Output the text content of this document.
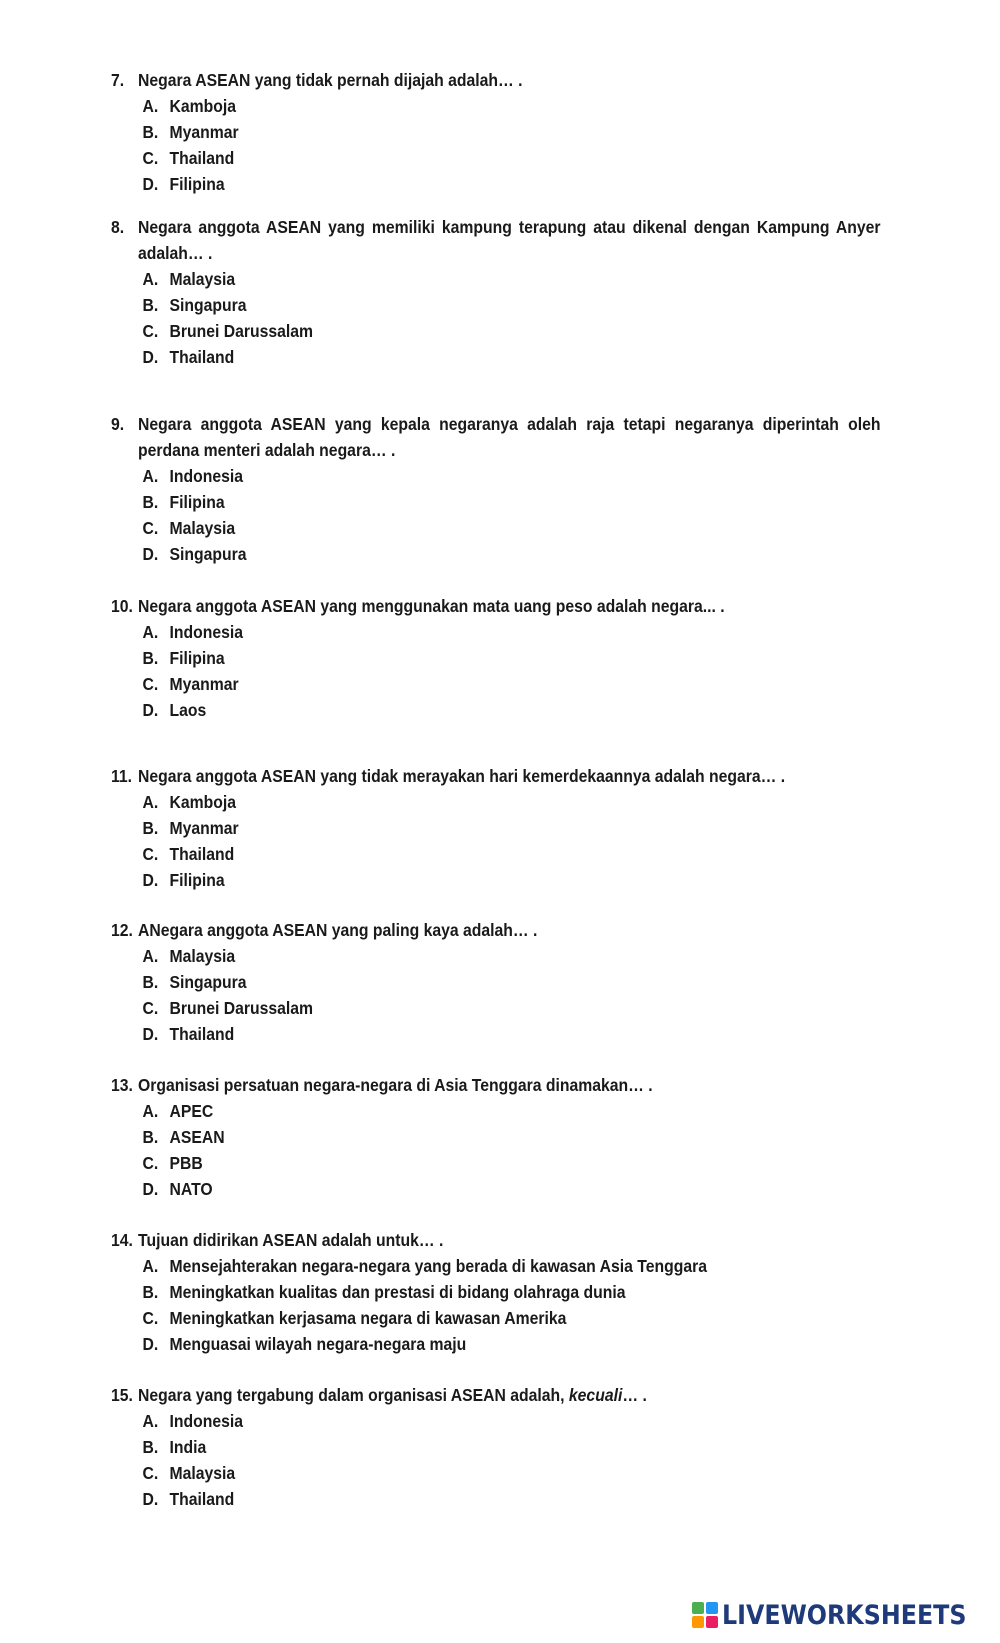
7. Negara ASEAN yang tidak pernah dijajah adalah… .
A. Kamboja
B. Myanmar
C. Thailand
D. Filipina
8. Negara anggota ASEAN yang memiliki kampung terapung atau dikenal dengan Kampung Anyer adalah… .
A. Malaysia
B. Singapura
C. Brunei Darussalam
D. Thailand
9. Negara anggota ASEAN yang kepala negaranya adalah raja tetapi negaranya diperintah oleh perdana menteri adalah negara… .
A. Indonesia
B. Filipina
C. Malaysia
D. Singapura
10. Negara anggota ASEAN yang menggunakan mata uang peso adalah negara... .
A. Indonesia
B. Filipina
C. Myanmar
D. Laos
11. Negara anggota ASEAN yang tidak merayakan hari kemerdekaannya adalah negara… .
A. Kamboja
B. Myanmar
C. Thailand
D. Filipina
12. ANegara anggota ASEAN yang paling kaya adalah… .
A. Malaysia
B. Singapura
C. Brunei Darussalam
D. Thailand
13. Organisasi persatuan negara-negara di Asia Tenggara dinamakan… .
A. APEC
B. ASEAN
C. PBB
D. NATO
14. Tujuan didirikan ASEAN adalah untuk… .
A. Mensejahterakan negara-negara yang berada di kawasan Asia Tenggara
B. Meningkatkan kualitas dan prestasi di bidang olahraga dunia
C. Meningkatkan kerjasama negara di kawasan Amerika
D. Menguasai wilayah negara-negara maju
15. Negara yang tergabung dalam organisasi ASEAN adalah, kecuali… .
A. Indonesia
B. India
C. Malaysia
D. Thailand
LIVEWORKSHEETS
